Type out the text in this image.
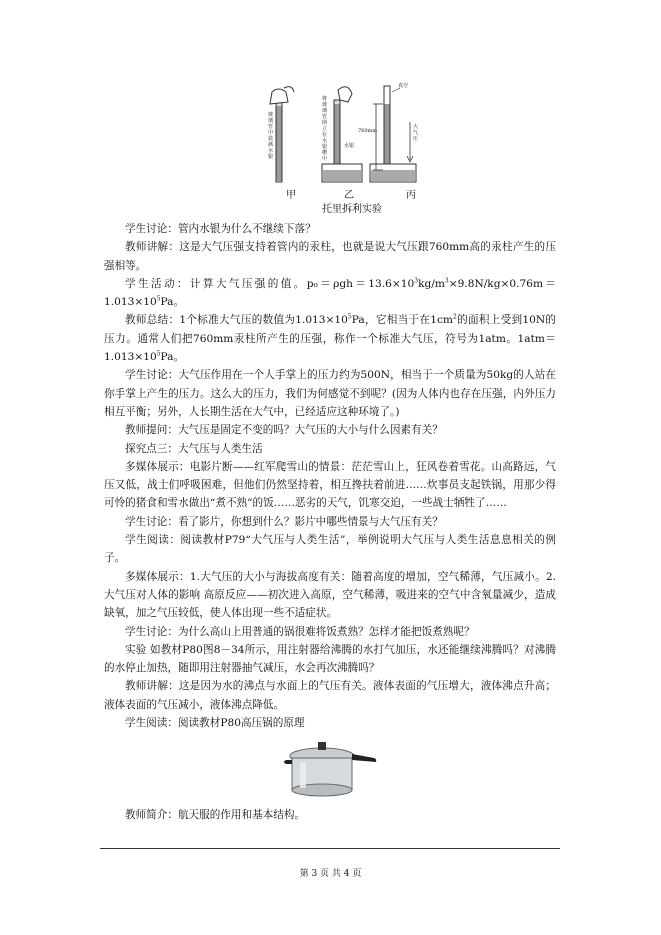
玻璃管中装满水银
将玻璃管倒立在水银槽中
水银
真空
760mm
大气压
甲	乙	丙
托里拆利实验

学生讨论：管内水银为什么不继续下落？

教师讲解：这是大气压强支持着管内的汞柱，也就是说大气压跟760mm高的汞柱产生的压强相等。

学生活动：计算大气压强的值。$p_0=\rho gh=13.6\times 10^3kg/m^3\times 9.8N/kg\times 0.76m=1.013\times 10^5Pa$。

教师总结：1个标准大气压的数值为$1.013\times 10^5Pa$，它相当于在$1cm^2$的面积上受到10N的压力。通常人们把760mm汞柱所产生的压强，称作一个标准大气压，符号为1atm。$1atm=1.013\times 10^5Pa$。

学生讨论：大气压作用在一个人手掌上的压力约为500N，相当于一个质量为50kg的人站在你手掌上产生的压力。这么大的压力，我们为何感觉不到呢？(因为人体内也存在压强，内外压力相互平衡；另外，人长期生活在大气中，已经适应这种环境了。)

教师提问：大气压是固定不变的吗？大气压的大小与什么因素有关？

探究点三：大气压与人类生活

多媒体展示：电影片断——红军爬雪山的情景：茫茫雪山上，狂风卷着雪花。山高路远，气压又低，战士们呼吸困难，但他们仍然坚持着，相互搀扶着前进……炊事员支起铁锅，用那少得可怜的猪食和雪水做出“煮不熟”的饭……恶劣的天气，饥寒交迫，一些战士牺牲了……

学生讨论：看了影片，你想到什么？影片中哪些情景与大气压有关？

学生阅读：阅读教材P79“大气压与人类生活”，举例说明大气压与人类生活息息相关的例子。

多媒体展示：1.大气压的大小与海拔高度有关：随着高度的增加，空气稀薄，气压减小。2.大气压对人体的影响 高原反应——初次进入高原，空气稀薄，吸进来的空气中含氧量减少，造成缺氧，加之气压较低，使人体出现一些不适症状。

学生讨论：为什么高山上用普通的锅很难将饭煮熟？怎样才能把饭煮熟呢？

实验 如教材P80图8－34所示，用注射器给沸腾的水打气加压，水还能继续沸腾吗？对沸腾的水停止加热，随即用注射器抽气减压，水会再次沸腾吗？

教师讲解：这是因为水的沸点与水面上的气压有关。液体表面的气压增大，液体沸点升高；液体表面的气压减小，液体沸点降低。

学生阅读：阅读教材P80高压锅的原理

教师简介：航天服的作用和基本结构。

第 3 页 共 4 页
